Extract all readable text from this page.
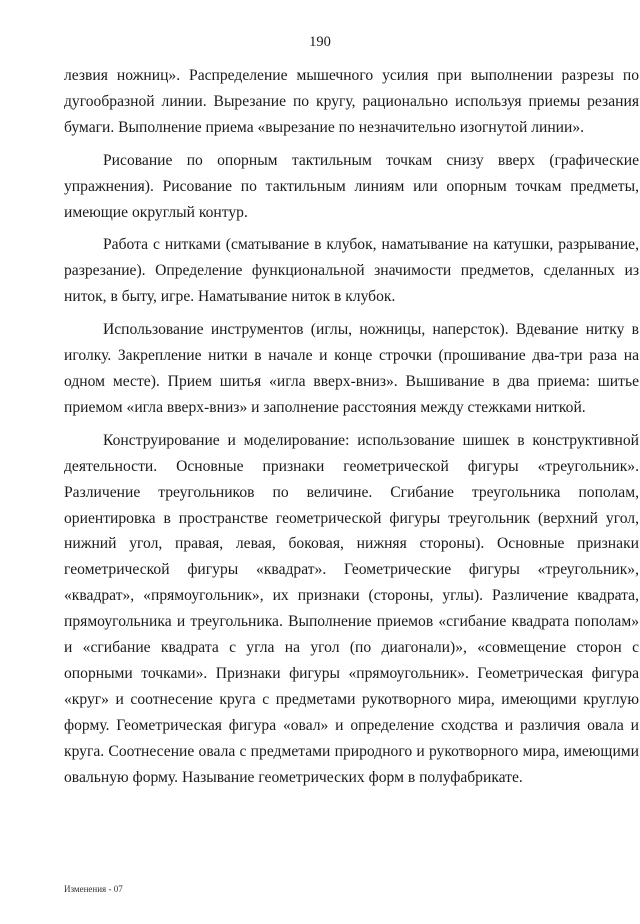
190

лезвия ножниц». Распределение мышечного усилия при выполнении разрезы по дугообразной линии. Вырезание по кругу, рационально используя приемы резания бумаги. Выполнение приема «вырезание по незначительно изогнутой линии».

Рисование по опорным тактильным точкам снизу вверх (графические упражнения). Рисование по тактильным линиям или опорным точкам предметы, имеющие округлый контур.

Работа с нитками (сматывание в клубок, наматывание на катушки, разрывание, разрезание). Определение функциональной значимости предметов, сделанных из ниток, в быту, игре. Наматывание ниток в клубок.

Использование инструментов (иглы, ножницы, наперсток). Вдевание нитку в иголку. Закрепление нитки в начале и конце строчки (прошивание два-три раза на одном месте). Прием шитья «игла вверх-вниз». Вышивание в два приема: шитье приемом «игла вверх-вниз» и заполнение расстояния между стежками ниткой.

Конструирование и моделирование: использование шишек в конструктивной деятельности. Основные признаки геометрической фигуры «треугольник». Различение треугольников по величине. Сгибание треугольника пополам, ориентировка в пространстве геометрической фигуры треугольник (верхний угол, нижний угол, правая, левая, боковая, нижняя стороны). Основные признаки геометрической фигуры «квадрат». Геометрические фигуры «треугольник», «квадрат», «прямоугольник», их признаки (стороны, углы). Различение квадрата, прямоугольника и треугольника. Выполнение приемов «сгибание квадрата пополам» и «сгибание квадрата с угла на угол (по диагонали)», «совмещение сторон с опорными точками». Признаки фигуры «прямоугольник». Геометрическая фигура «круг» и соотнесение круга с предметами рукотворного мира, имеющими круглую форму. Геометрическая фигура «овал» и определение сходства и различия овала и круга. Соотнесение овала с предметами природного и рукотворного мира, имеющими овальную форму. Называние геометрических форм в полуфабрикате.

Изменения - 07
